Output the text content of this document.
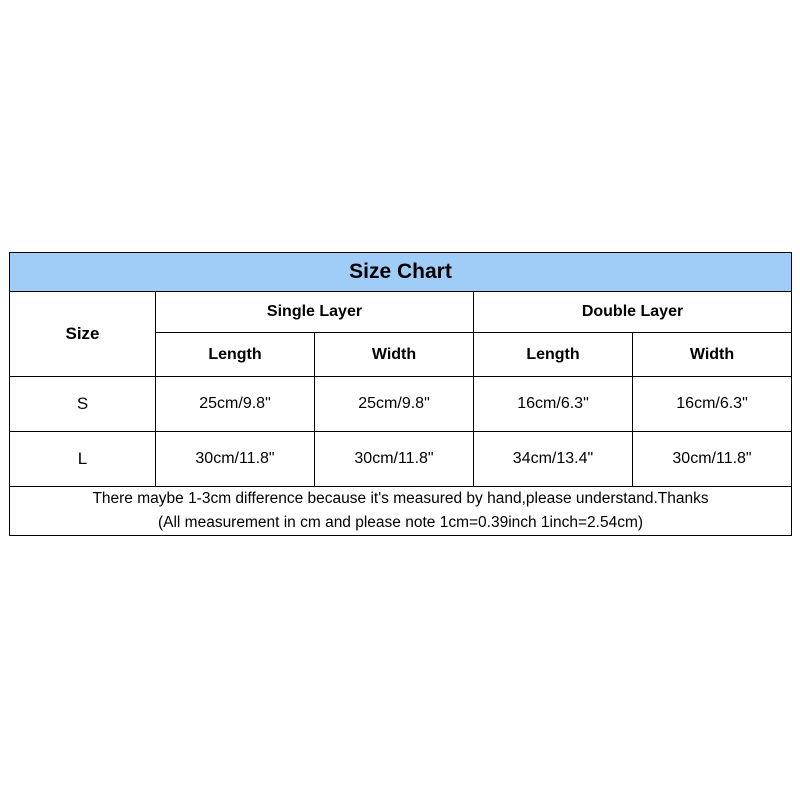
Size Chart				
Size	Single Layer		Double Layer	
	Length	Width	Length	Width
S	25cm/9.8"	25cm/9.8"	16cm/6.3"	16cm/6.3"
L	30cm/11.8"	30cm/11.8"	34cm/13.4"	30cm/11.8"

There maybe 1-3cm difference because it's measured by hand,please understand.Thanks
(All measurement in cm and please note 1cm=0.39inch 1inch=2.54cm)				
